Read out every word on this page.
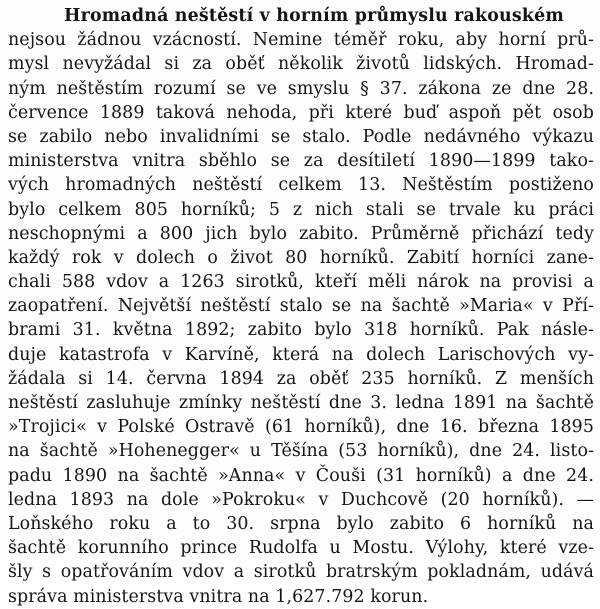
Hromadná neštěstí v horním průmyslu rakouském
nejsou žádnou vzácností. Nemine téměř roku, aby horní prů-
mysl nevyžádal si za oběť několik životů lidských. Hromad-
ným neštěstím rozumí se ve smyslu § 37. zákona ze dne 28.
července 1889 taková nehoda, při které buď aspoň pět osob
se zabilo nebo invalidními se stalo. Podle nedávného výkazu
ministerstva vnitra sběhlo se za desítiletí 1890—1899 tako-
vých hromadných neštěstí celkem 13. Neštěstím postiženo
bylo celkem 805 horníků; 5 z nich stali se trvale ku práci
neschopnými a 800 jich bylo zabito. Průměrně přichází tedy
každý rok v dolech o život 80 horníků. Zabití horníci zane-
chali 588 vdov a 1263 sirotků, kteří měli nárok na provisi a
zaopatření. Největší neštěstí stalo se na šachtě »Maria« v Pří-
brami 31. května 1892; zabito bylo 318 horníků. Pak násle-
duje katastrofa v Karvíně, která na dolech Larischových vy-
žádala si 14. června 1894 za oběť 235 horníků. Z menších
neštěstí zasluhuje zmínky neštěstí dne 3. ledna 1891 na šachtě
»Trojici« v Polské Ostravě (61 horníků), dne 16. března 1895
na šachtě »Hohenegger« u Těšína (53 horníků), dne 24. listo-
padu 1890 na šachtě »Anna« v Čouši (31 horníků) a dne 24.
ledna 1893 na dole »Pokroku« v Duchcově (20 horníků). —
Loňského roku a to 30. srpna bylo zabito 6 horníků na
šachtě korunního prince Rudolfa u Mostu. Výlohy, které vze-
šly s opatřováním vdov a sirotků bratrským pokladnám, udává
správa ministerstva vnitra na 1,627.792 korun.
